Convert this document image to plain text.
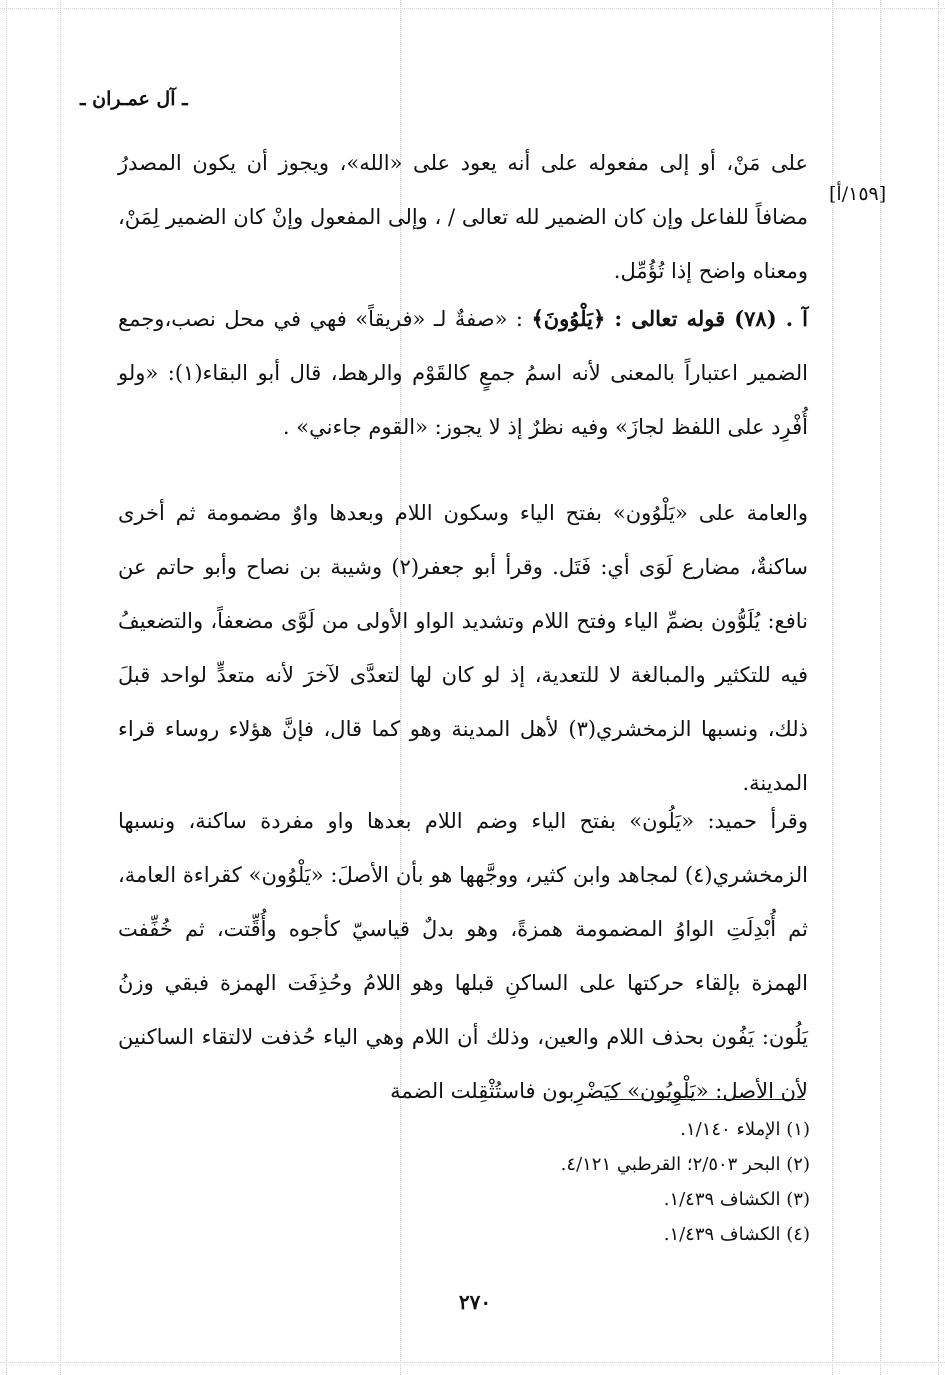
ـ آل عمـران ـ
[١٥٩/أ]
على مَنْ، أو إلى مفعوله على أنه يعود على «الله»، ويجوز أن يكون المصدرُ مضافاً للفاعل وإن كان الضمير لله تعالى / ، وإلى المفعول وإنْ كان الضمير لِمَنْ، ومعناه واضح إذا تُؤُمِّل.
آ . (٧٨) قوله تعالى : ﴿يَلْوُونَ﴾ : «صفةٌ لـ «فريقاً» فهي في محل نصب،وجمع الضمير اعتباراً بالمعنى لأنه اسمُ جمعٍ كالقَوْم والرهط، قال أبو البقاء(١): «ولو أُفْرِد على اللفظ لجازَ» وفيه نظرٌ إذ لا يجوز: «القوم جاءني» .
والعامة على «يَلْوُون» بفتح الياء وسكون اللام وبعدها واوٌ مضمومة ثم أخرى ساكنةٌ، مضارع لَوَى أي: فَتَل. وقرأ أبو جعفر(٢) وشيبة بن نصاح وأبو حاتم عن نافع: يُلَوُّون بضمِّ الياء وفتح اللام وتشديد الواو الأولى من لَوَّى مضعفاً، والتضعيفُ فيه للتكثير والمبالغة لا للتعدية، إذ لو كان لها لتعدَّى لآخرَ لأنه متعدٍّ لواحد قبلَ ذلك، ونسبها الزمخشري(٣) لأهل المدينة وهو كما قال، فإنَّ هؤلاء روساء قراء المدينة.
وقرأ حميد: «يَلُون» بفتح الياء وضم اللام بعدها واو مفردة ساكنة، ونسبها الزمخشري(٤) لمجاهد وابن كثير، ووجَّهها هو بأن الأصلَ: «يَلْوُون» كقراءة العامة، ثم أُبْدِلَتِ الواوُ المضمومة همزةً، وهو بدلٌ قياسيّ كأجوه وأُقِّتت، ثم خُفِّفت الهمزة بإلقاء حركتها على الساكنِ قبلها وهو اللامُ وحُذِفَت الهمزة فبقي وزنُ يَلُون: يَفُون بحذف اللام والعين، وذلك أن اللام وهي الياء حُذفت لالتقاء الساكنين لأن الأصل: «يَلْوِيُون» كيَضْرِبون فاستُثْقِلت الضمة
(١) الإملاء ١/١٤٠.
(٢) البحر ٢/٥٠٣؛ القرطبي ٤/١٢١.
(٣) الكشاف ١/٤٣٩.
(٤) الكشاف ١/٤٣٩.
٢٧٠
